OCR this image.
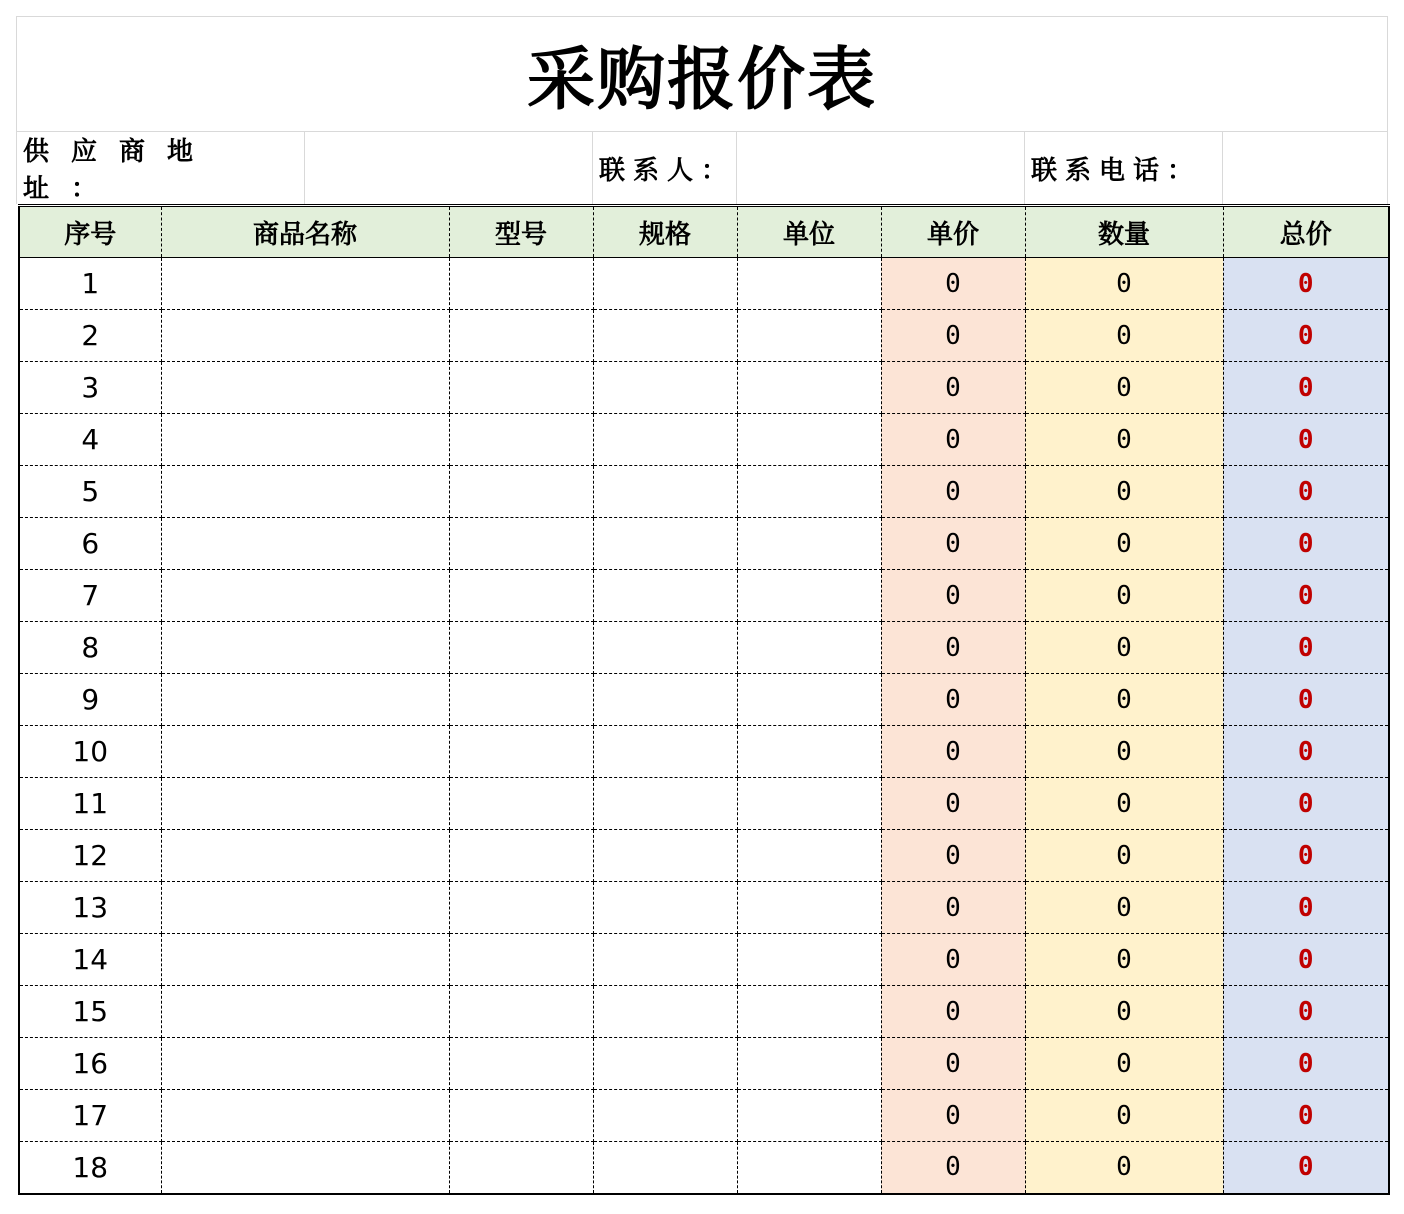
采购报价表
供应商地址：
联系人：	联系电话：
序号	商品名称	型号	规格	单位	单价	数量	总价
1					0	0	0
2					0	0	0
3					0	0	0
4					0	0	0
5					0	0	0
6					0	0	0
7					0	0	0
8					0	0	0
9					0	0	0
10					0	0	0
11					0	0	0
12					0	0	0
13					0	0	0
14					0	0	0
15					0	0	0
16					0	0	0
17					0	0	0
18					0	0	0
